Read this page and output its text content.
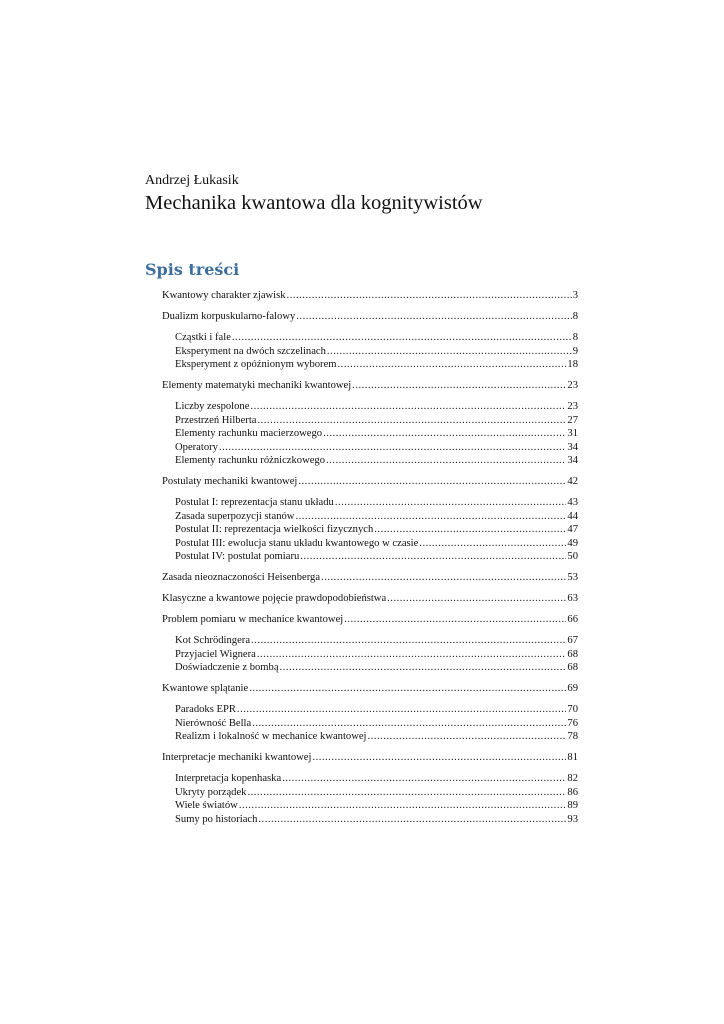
Andrzej Łukasik
Mechanika kwantowa dla kognitywistów
Spis treści
Kwantowy charakter zjawisk .....	3
Dualizm korpuskularno-falowy .....	8
Cząstki i fale .....	8
Eksperyment na dwóch szczelinach .....	9
Eksperyment z opóźnionym wyborem .....	18
Elementy matematyki mechaniki kwantowej .....	23
Liczby zespolone .....	23
Przestrzeń Hilberta .....	27
Elementy rachunku macierzowego .....	31
Operatory .....	34
Elementy rachunku różniczkowego .....	34
Postulaty mechaniki kwantowej .....	42
Postulat I: reprezentacja stanu układu .....	43
Zasada superpozycji stanów .....	44
Postulat II: reprezentacja wielkości fizycznych .....	47
Postulat III: ewolucja stanu układu kwantowego w czasie .....	49
Postulat IV: postulat pomiaru .....	50
Zasada nieoznaczoności Heisenberga .....	53
Klasyczne a kwantowe pojęcie prawdopodobieństwa .....	63
Problem pomiaru w mechanice kwantowej .....	66
Kot Schrödingera .....	67
Przyjaciel Wignera .....	68
Doświadczenie z bombą .....	68
Kwantowe splątanie .....	69
Paradoks EPR .....	70
Nierówność Bella .....	76
Realizm i lokalność w mechanice kwantowej .....	78
Interpretacje mechaniki kwantowej .....	81
Interpretacja kopenhaska .....	82
Ukryty porządek .....	86
Wiele światów .....	89
Sumy po historiach .....	93
